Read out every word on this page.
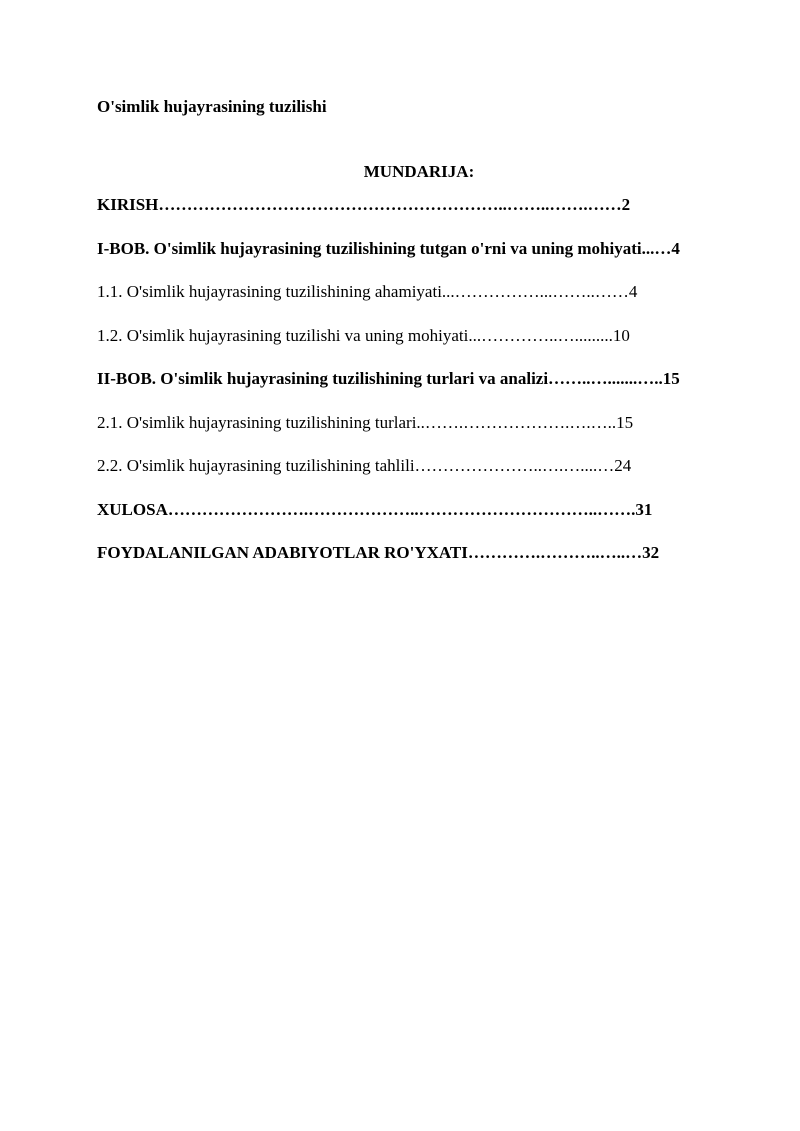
O'simlik hujayrasining tuzilishi
MUNDARIJA:
KIRISH……………………………………………………..……..…….……2
I-BOB. O'simlik hujayrasining tuzilishining tutgan o'rni va uning mohiyati...…4
1.1. O'simlik hujayrasining tuzilishining ahamiyati...……………...……..……4
1.2. O'simlik hujayrasining tuzilishi va uning mohiyati...…………..….........10
II-BOB. O'simlik hujayrasining tuzilishining turlari va analizi……..….......…..15
2.1. O'simlik hujayrasining tuzilishining turlari..…….……………….….…..15
2.2. O'simlik hujayrasining tuzilishining tahlili…………………..….…....…24
XULOSA…………………….………………..…………………………..…….31
FOYDALANILGAN ADABIYOTLAR RO'YXATI………….………..…..…32
